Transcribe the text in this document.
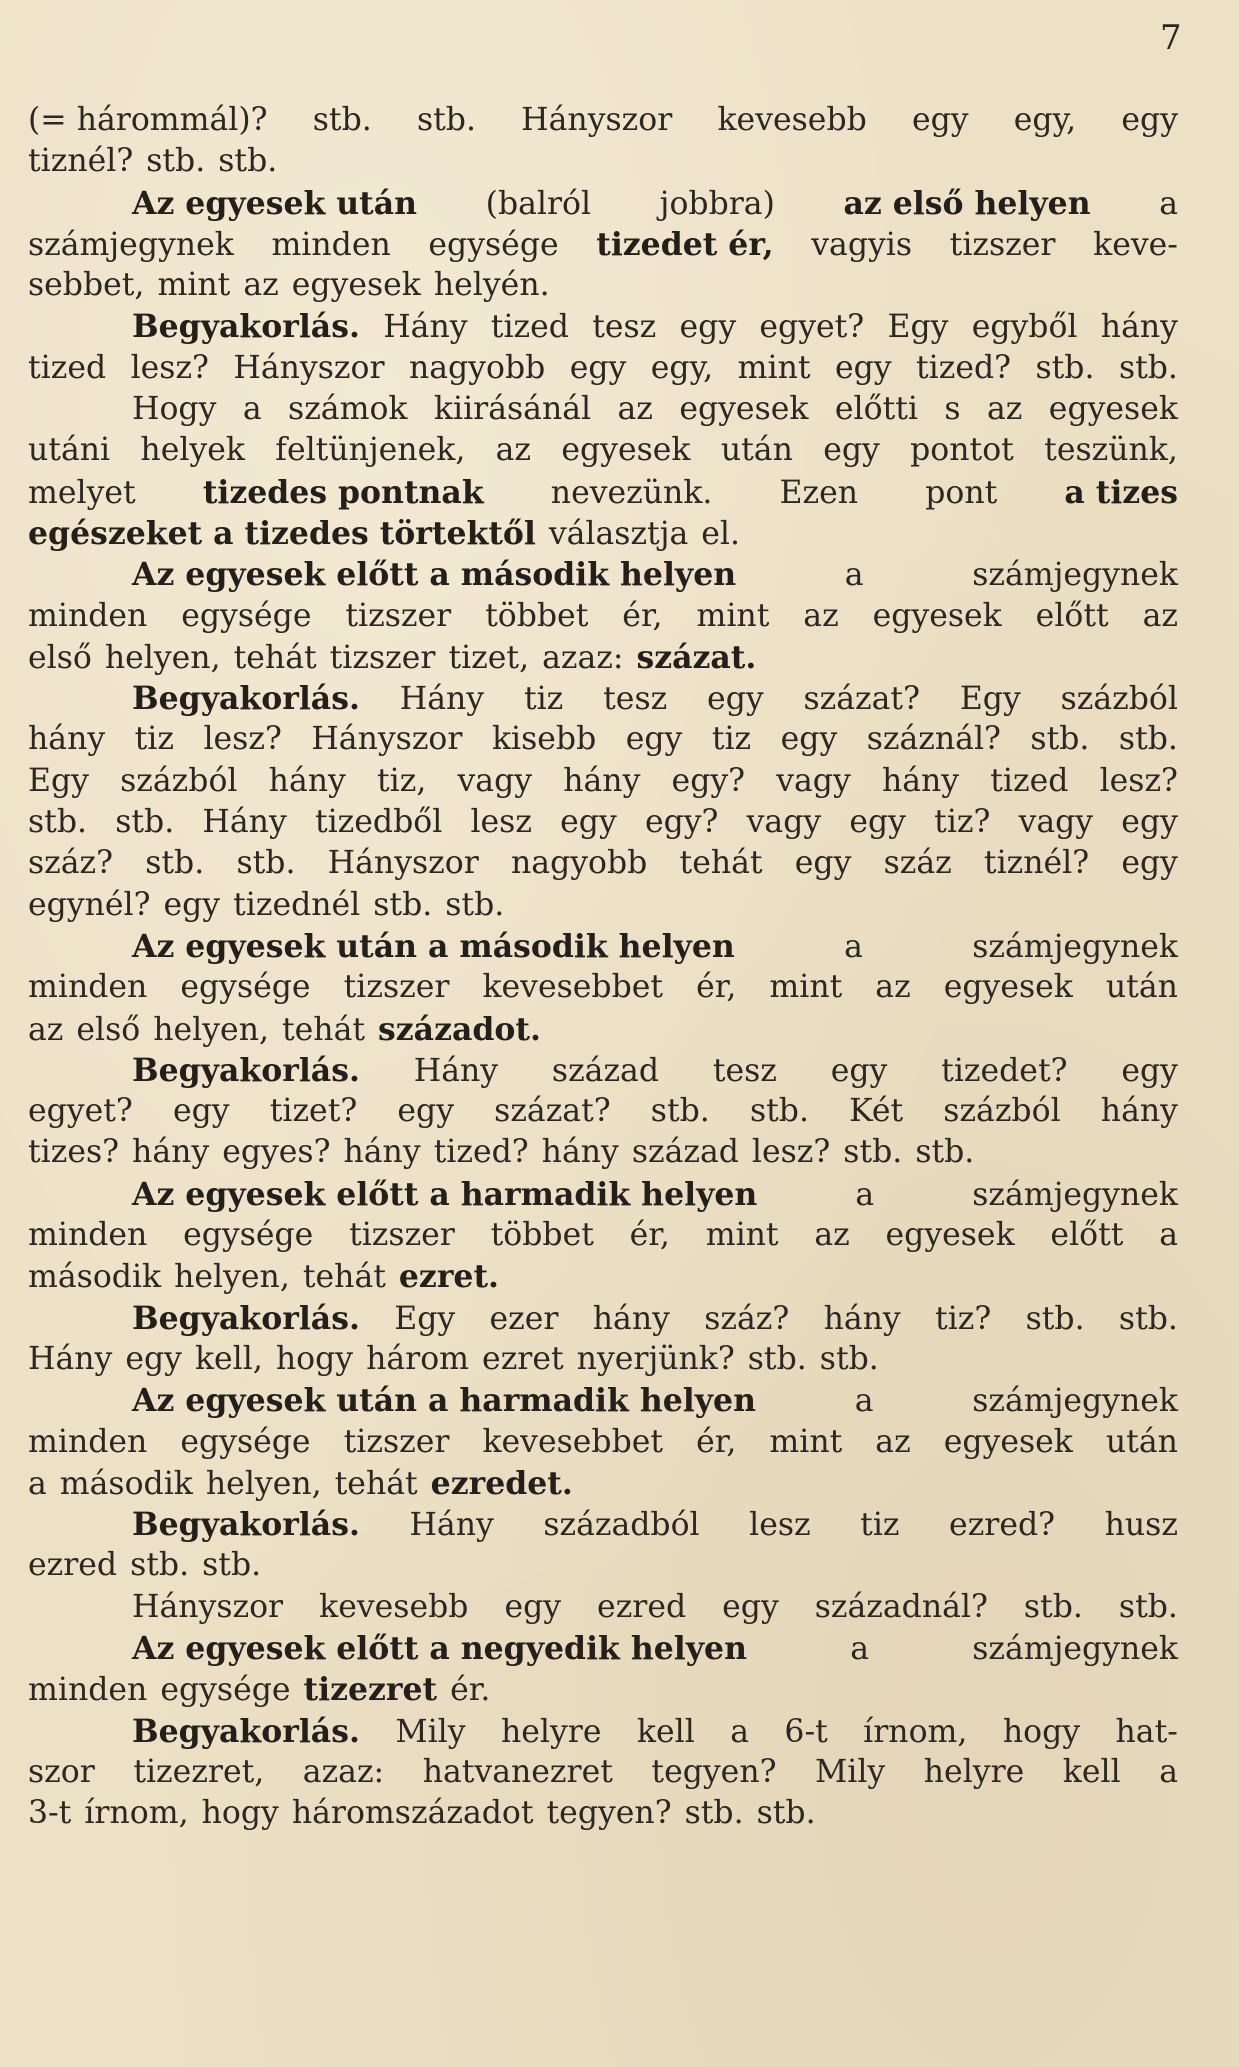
7
(= hárommál)? stb. stb. Hányszor kevesebb egy egy, egy
tiznél? stb. stb.
Az egyesek után (balról jobbra) az első helyen a
számjegynek minden egysége tizedet ér, vagyis tizszer keve-
sebbet, mint az egyesek helyén.
Begyakorlás. Hány tized tesz egy egyet? Egy egyből hány
tized lesz? Hányszor nagyobb egy egy, mint egy tized? stb. stb.
Hogy a számok kiirásánál az egyesek előtti s az egyesek
utáni helyek feltünjenek, az egyesek után egy pontot teszünk,
melyet tizedes pontnak nevezünk. Ezen pont a tizes
egészeket a tizedes törtektől választja el.
Az egyesek előtt a második helyen	a	számjegynek
minden egysége tizszer többet ér, mint az egyesek előtt az
első helyen, tehát tizszer tizet, azaz: százat.
Begyakorlás. Hány tiz tesz egy százat? Egy százból
hány tiz lesz? Hányszor kisebb egy tiz egy száznál? stb. stb.
Egy százból hány tiz, vagy hány egy? vagy hány tized lesz?
stb. stb. Hány tizedből lesz egy egy? vagy egy tiz? vagy egy
száz? stb. stb. Hányszor nagyobb tehát egy száz tiznél? egy
egynél? egy tizednél stb. stb.
Az egyesek után a második helyen	a	számjegynek
minden egysége tizszer kevesebbet ér, mint az egyesek után
az első helyen, tehát századot.
Begyakorlás. Hány század tesz egy tizedet? egy
egyet? egy tizet? egy százat? stb. stb. Két százból hány
tizes? hány egyes? hány tized? hány század lesz? stb. stb.
Az egyesek előtt a harmadik helyen	a	számjegynek
minden egysége tizszer többet ér, mint az egyesek előtt a
második helyen, tehát ezret.
Begyakorlás. Egy ezer hány száz? hány tiz? stb. stb.
Hány egy kell, hogy három ezret nyerjünk? stb. stb.
Az egyesek után a harmadik helyen	a	számjegynek
minden egysége tizszer kevesebbet ér, mint az egyesek után
a második helyen, tehát ezredet.
Begyakorlás. Hány századból lesz tiz ezred? husz
ezred stb. stb.
Hányszor kevesebb egy ezred egy századnál? stb. stb.
Az egyesek előtt a negyedik helyen	a	számjegynek
minden egysége tizezret ér.
Begyakorlás. Mily helyre kell a 6-t írnom, hogy hat-
szor tizezret, azaz: hatvanezret tegyen? Mily helyre kell a
3-t írnom, hogy háromszázadot tegyen? stb. stb.
